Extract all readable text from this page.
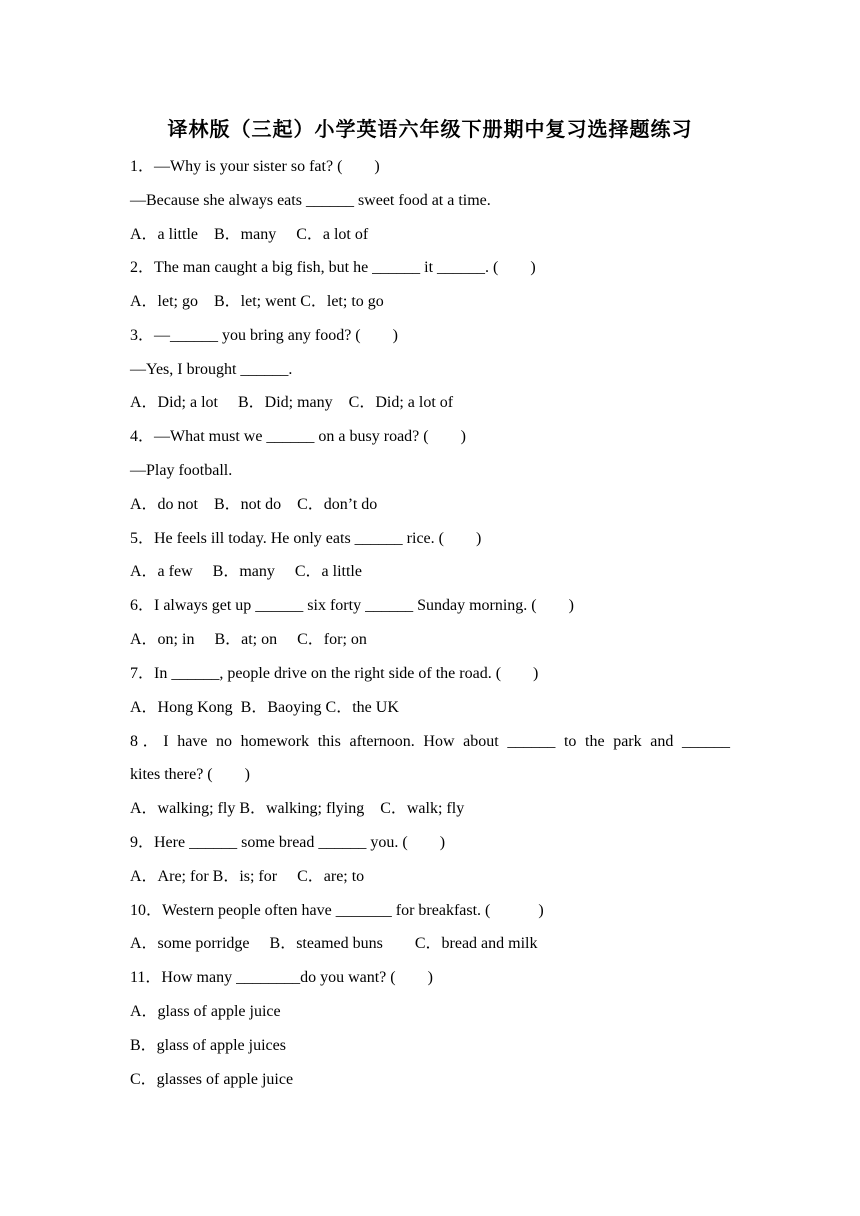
译林版（三起）小学英语六年级下册期中复习选择题练习
1．—Why is your sister so fat? (　　)
—Because she always eats ______ sweet food at a time.
A．a little　B．many　 C．a lot of
2．The man caught a big fish, but he ______ it ______. (　　)
A．let; go　B．let; went C．let; to go
3．—______ you bring any food? (　　)
—Yes, I brought ______.
A．Did; a lot　 B．Did; many　C．Did; a lot of
4．—What must we ______ on a busy road? (　　)
—Play football.
A．do not　B．not do　C．don’t do
5．He feels ill today. He only eats ______ rice. (　　)
A．a few　 B．many　 C．a little
6．I always get up ______ six forty ______ Sunday morning. (　　)
A．on; in　 B．at; on　 C．for; on
7．In ______, people drive on the right side of the road. (　　)
A．Hong Kong  B．Baoying C．the UK
8．I have no homework this afternoon. How about ______ to the park and ______
kites there? (　　)
A．walking; fly B．walking; flying　C．walk; fly
9．Here ______ some bread ______ you. (　　)
A．Are; for B．is; for　 C．are; to
10．Western people often have _______ for breakfast. (　　　)
A．some porridge　 B．steamed buns　　C．bread and milk
11．How many ________do you want? (　　)
A．glass of apple juice
B．glass of apple juices
C．glasses of apple juice
